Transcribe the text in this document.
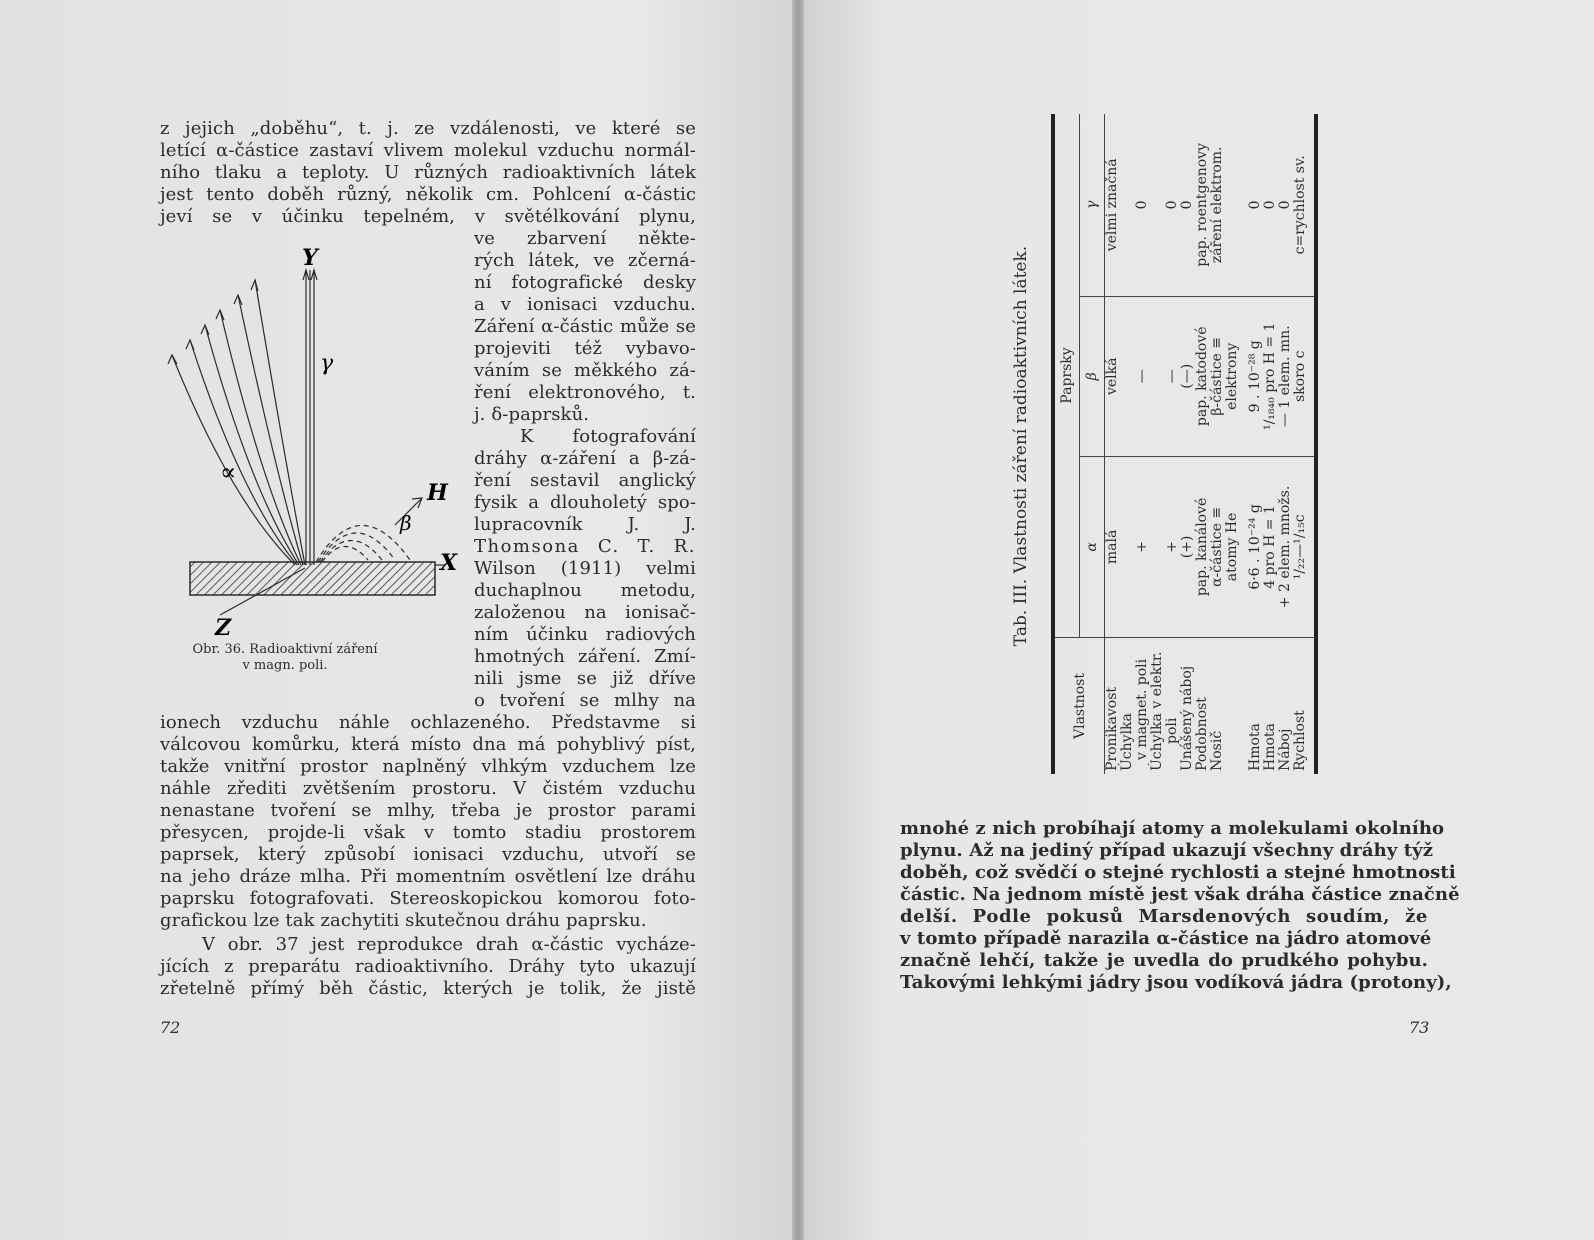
z jejich „doběhu“, t. j. ze vzdálenosti, ve které se
letící α-částice zastaví vlivem molekul vzduchu normál-
ního tlaku a teploty. U různých radioaktivních látek
jest tento doběh různý, několik cm. Pohlcení α-částic
jeví se v účinku tepelném, v světélkování plynu,
ve zbarvení někte-
rých látek, ve zčerná-
ní fotografické desky
a v ionisaci vzduchu.
Záření α-částic může se
projeviti též vybavo-
váním se měkkého zá-
ření elektronového, t.
j. δ-paprsků.
K fotografování
dráhy α-záření a β-zá-
ření sestavil anglický
fysik a dlouholetý spo-
lupracovník J. J.
Thomsona C. T. R.
Wilson (1911) velmi
duchaplnou metodu,
založenou na ionisač-
ním účinku radiových
hmotných záření. Zmí-
nili jsme se již dříve
o tvoření se mlhy na
Y
γ
∝
H
β
X
Z
Obr. 36. Radioaktivní záření
v magn. poli.
ionech vzduchu náhle ochlazeného. Představme si
válcovou komůrku, která místo dna má pohyblivý píst,
takže vnitřní prostor naplněný vlhkým vzduchem lze
náhle zřediti zvětšením prostoru. V čistém vzduchu
nenastane tvoření se mlhy, třeba je prostor parami
přesycen, projde-li však v tomto stadiu prostorem
paprsek, který způsobí ionisaci vzduchu, utvoří se
na jeho dráze mlha. Při momentním osvětlení lze dráhu
paprsku fotografovati. Stereoskopickou komorou foto-
grafickou lze tak zachytiti skutečnou dráhu paprsku.
V obr. 37 jest reprodukce drah α-částic vycháze-
jících z preparátu radioaktivního. Dráhy tyto ukazují
zřetelně přímý běh částic, kterých je tolik, že jistě
72
Tab. III. Vlastnosti záření radioaktivních látek.
Vlastnost	Paprsky		
	α	β	γ
Pronikavost	malá	velká	velmi značná
Úchylka			
v magnet. poli	+	—	0
Úchylka v elektr.			
poli	+	—	0
Unášený náboj	(+)	(—)	0
Podobnost	pap. kanálové	pap. katodové	pap. roentgenovy
Nosič	α-částice ≡	β-částice ≡	záření elektrom.
	atomy He	elektrony	
Hmota	6·6 . 10⁻²⁴ g	9 . 10⁻²⁸ g	0
Hmota	4 pro H = 1	¹/₁₈₄₀ pro H = 1	0
Náboj	+ 2 elem. množs.	— 1 elem. mn.	0
Rychlost	¹/₂₂—¹/₁₅c	skoro c	c=rychlost sv.
mnohé z nich probíhají atomy a molekulami okolního
plynu. Až na jediný případ ukazují všechny dráhy týž
doběh, což svědčí o stejné rychlosti a stejné hmotnosti
částic. Na jednom místě jest však dráha částice značně
delší. Podle pokusů Marsdenových soudím, že
v tomto případě narazila α-částice na jádro atomové
značně lehčí, takže je uvedla do prudkého pohybu.
Takovými lehkými jádry jsou vodíková jádra (protony),
73
